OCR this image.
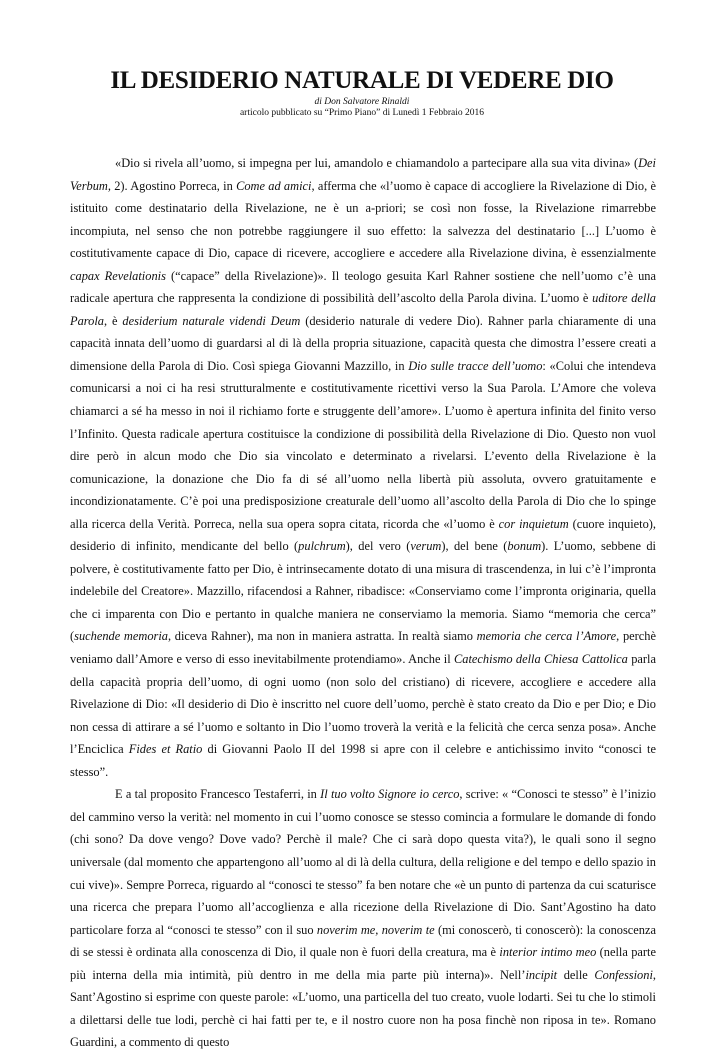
IL DESIDERIO NATURALE DI VEDERE DIO
di Don Salvatore Rinaldi
articolo pubblicato su “Primo Piano” di Lunedì 1 Febbraio 2016

«Dio si rivela all’uomo, si impegna per lui, amandolo e chiamandolo a partecipare alla sua vita divina» (Dei Verbum, 2). Agostino Porreca, in Come ad amici, afferma che «l’uomo è capace di accogliere la Rivelazione di Dio, è istituito come destinatario della Rivelazione, ne è un a-priori; se così non fosse, la Rivelazione rimarrebbe incompiuta, nel senso che non potrebbe raggiungere il suo effetto: la salvezza del destinatario [...] L’uomo è costitutivamente capace di Dio, capace di ricevere, accogliere e accedere alla Rivelazione divina, è essenzialmente capax Revelationis (“capace” della Rivelazione)». Il teologo gesuita Karl Rahner sostiene che nell’uomo c’è una radicale apertura che rappresenta la condizione di possibilità dell’ascolto della Parola divina. L’uomo è uditore della Parola, è desiderium naturale videndi Deum (desiderio naturale di vedere Dio). Rahner parla chiaramente di una capacità innata dell’uomo di guardarsi al di là della propria situazione, capacità questa che dimostra l’essere creati a dimensione della Parola di Dio. Così spiega Giovanni Mazzillo, in Dio sulle tracce dell’uomo: «Colui che intendeva comunicarsi a noi ci ha resi strutturalmente e costitutivamente ricettivi verso la Sua Parola. L’Amore che voleva chiamarci a sé ha messo in noi il richiamo forte e struggente dell’amore». L’uomo è apertura infinita del finito verso l’Infinito. Questa radicale apertura costituisce la condizione di possibilità della Rivelazione di Dio. Questo non vuol dire però in alcun modo che Dio sia vincolato e determinato a rivelarsi. L’evento della Rivelazione è la comunicazione, la donazione che Dio fa di sé all’uomo nella libertà più assoluta, ovvero gratuitamente e incondizionatamente. C’è poi una predisposizione creaturale dell’uomo all’ascolto della Parola di Dio che lo spinge alla ricerca della Verità. Porreca, nella sua opera sopra citata, ricorda che «l’uomo è cor inquietum (cuore inquieto), desiderio di infinito, mendicante del bello (pulchrum), del vero (verum), del bene (bonum). L’uomo, sebbene di polvere, è costitutivamente fatto per Dio, è intrinsecamente dotato di una misura di trascendenza, in lui c’è l’impronta indelebile del Creatore». Mazzillo, rifacendosi a Rahner, ribadisce: «Conserviamo come l’impronta originaria, quella che ci imparenta con Dio e pertanto in qualche maniera ne conserviamo la memoria. Siamo “memoria che cerca” (suchende memoria, diceva Rahner), ma non in maniera astratta. In realtà siamo memoria che cerca l’Amore, perchè veniamo dall’Amore e verso di esso inevitabilmente protendiamo». Anche il Catechismo della Chiesa Cattolica parla della capacità propria dell’uomo, di ogni uomo (non solo del cristiano) di ricevere, accogliere e accedere alla Rivelazione di Dio: «Il desiderio di Dio è inscritto nel cuore dell’uomo, perchè è stato creato da Dio e per Dio; e Dio non cessa di attirare a sé l’uomo e soltanto in Dio l’uomo troverà la verità e la felicità che cerca senza posa». Anche l’Enciclica Fides et Ratio di Giovanni Paolo II del 1998 si apre con il celebre e antichissimo invito “conosci te stesso”.

E a tal proposito Francesco Testaferri, in Il tuo volto Signore io cerco, scrive: « “Conosci te stesso” è l’inizio del cammino verso la verità: nel momento in cui l’uomo conosce se stesso comincia a formulare le domande di fondo (chi sono? Da dove vengo? Dove vado? Perchè il male? Che ci sarà dopo questa vita?), le quali sono il segno universale (dal momento che appartengono all’uomo al di là della cultura, della religione e del tempo e dello spazio in cui vive)». Sempre Porreca, riguardo al “conosci te stesso” fa ben notare che «è un punto di partenza da cui scaturisce una ricerca che prepara l’uomo all’accoglienza e alla ricezione della Rivelazione di Dio. Sant’Agostino ha dato particolare forza al “conosci te stesso” con il suo noverim me, noverim te (mi conoscerò, ti conoscerò): la conoscenza di se stessi è ordinata alla conoscenza di Dio, il quale non è fuori della creatura, ma è interior intimo meo (nella parte più interna della mia intimità, più dentro in me della mia parte più interna)». Nell’incipit delle Confessioni, Sant’Agostino si esprime con queste parole: «L’uomo, una particella del tuo creato, vuole lodarti. Sei tu che lo stimoli a dilettarsi delle tue lodi, perchè ci hai fatti per te, e il nostro cuore non ha posa finchè non riposa in te». Romano Guardini, a commento di questo
